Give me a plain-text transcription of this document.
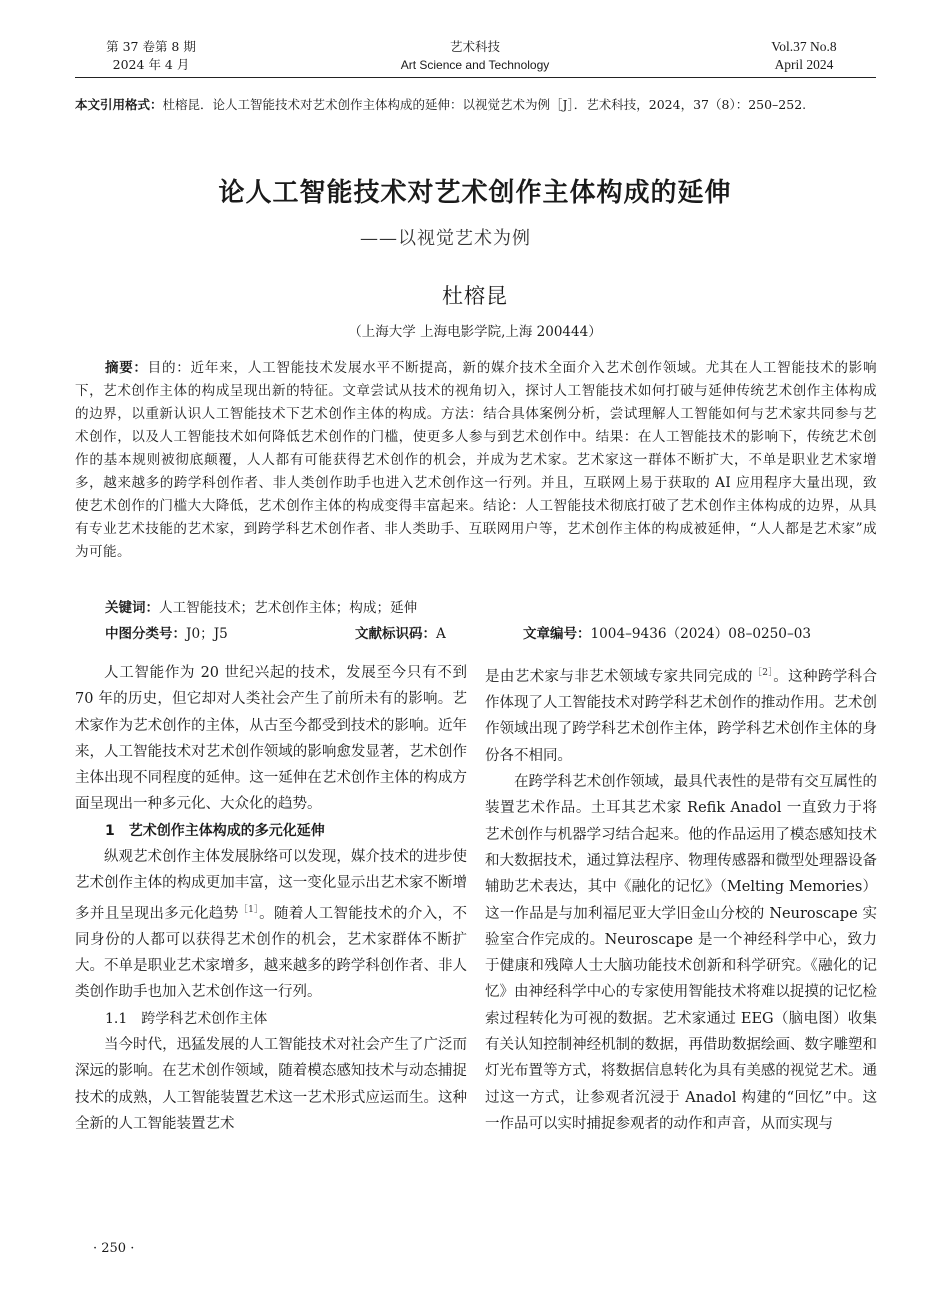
第 37 卷第 8 期
2024 年 4 月
艺术科技
Art Science and Technology
Vol.37 No.8
April 2024
本文引用格式：杜榕昆．论人工智能技术对艺术创作主体构成的延伸：以视觉艺术为例［J］．艺术科技，2024，37（8）：250–252.
论人工智能技术对艺术创作主体构成的延伸
——以视觉艺术为例
杜榕昆
（上海大学 上海电影学院,上海 200444）
摘要：目的：近年来，人工智能技术发展水平不断提高，新的媒介技术全面介入艺术创作领域。尤其在人工智能技术的影响下，艺术创作主体的构成呈现出新的特征。文章尝试从技术的视角切入，探讨人工智能技术如何打破与延伸传统艺术创作主体构成的边界，以重新认识人工智能技术下艺术创作主体的构成。方法：结合具体案例分析，尝试理解人工智能如何与艺术家共同参与艺术创作，以及人工智能技术如何降低艺术创作的门槛，使更多人参与到艺术创作中。结果：在人工智能技术的影响下，传统艺术创作的基本规则被彻底颠覆，人人都有可能获得艺术创作的机会，并成为艺术家。艺术家这一群体不断扩大，不单是职业艺术家增多，越来越多的跨学科创作者、非人类创作助手也进入艺术创作这一行列。并且，互联网上易于获取的 AI 应用程序大量出现，致使艺术创作的门槛大大降低，艺术创作主体的构成变得丰富起来。结论：人工智能技术彻底打破了艺术创作主体构成的边界，从具有专业艺术技能的艺术家，到跨学科艺术创作者、非人类助手、互联网用户等，艺术创作主体的构成被延伸，“人人都是艺术家”成为可能。
关键词：人工智能技术；艺术创作主体；构成；延伸
中图分类号：J0；J5	文献标识码：A	文章编号：1004–9436（2024）08–0250–03

人工智能作为 20 世纪兴起的技术，发展至今只有不到 70 年的历史，但它却对人类社会产生了前所未有的影响。艺术家作为艺术创作的主体，从古至今都受到技术的影响。近年来，人工智能技术对艺术创作领域的影响愈发显著，艺术创作主体出现不同程度的延伸。这一延伸在艺术创作主体的构成方面呈现出一种多元化、大众化的趋势。

1　艺术创作主体构成的多元化延伸

纵观艺术创作主体发展脉络可以发现，媒介技术的进步使艺术创作主体的构成更加丰富，这一变化显示出艺术家不断增多并且呈现出多元化趋势$^{[1]}$。随着人工智能技术的介入，不同身份的人都可以获得艺术创作的机会，艺术家群体不断扩大。不单是职业艺术家增多，越来越多的跨学科创作者、非人类创作助手也加入艺术创作这一行列。

1.1　跨学科艺术创作主体

当今时代，迅猛发展的人工智能技术对社会产生了广泛而深远的影响。在艺术创作领域，随着模态感知技术与动态捕捉技术的成熟，人工智能装置艺术这一艺术形式应运而生。这种全新的人工智能装置艺术

是由艺术家与非艺术领域专家共同完成的$^{[2]}$。这种跨学科合作体现了人工智能技术对跨学科艺术创作的推动作用。艺术创作领域出现了跨学科艺术创作主体，跨学科艺术创作主体的身份各不相同。

在跨学科艺术创作领域，最具代表性的是带有交互属性的装置艺术作品。土耳其艺术家 Refik Anadol 一直致力于将艺术创作与机器学习结合起来。他的作品运用了模态感知技术和大数据技术，通过算法程序、物理传感器和微型处理器设备辅助艺术表达，其中《融化的记忆》（Melting Memories）这一作品是与加利福尼亚大学旧金山分校的 Neuroscape 实验室合作完成的。Neuroscape 是一个神经科学中心，致力于健康和残障人士大脑功能技术创新和科学研究。《融化的记忆》由神经科学中心的专家使用智能技术将难以捉摸的记忆检索过程转化为可视的数据。艺术家通过 EEG（脑电图）收集有关认知控制神经机制的数据，再借助数据绘画、数字雕塑和灯光布置等方式，将数据信息转化为具有美感的视觉艺术。通过这一方式，让参观者沉浸于 Anadol 构建的“回忆”中。这一作品可以实时捕捉参观者的动作和声音，从而实现与

· 250 ·
